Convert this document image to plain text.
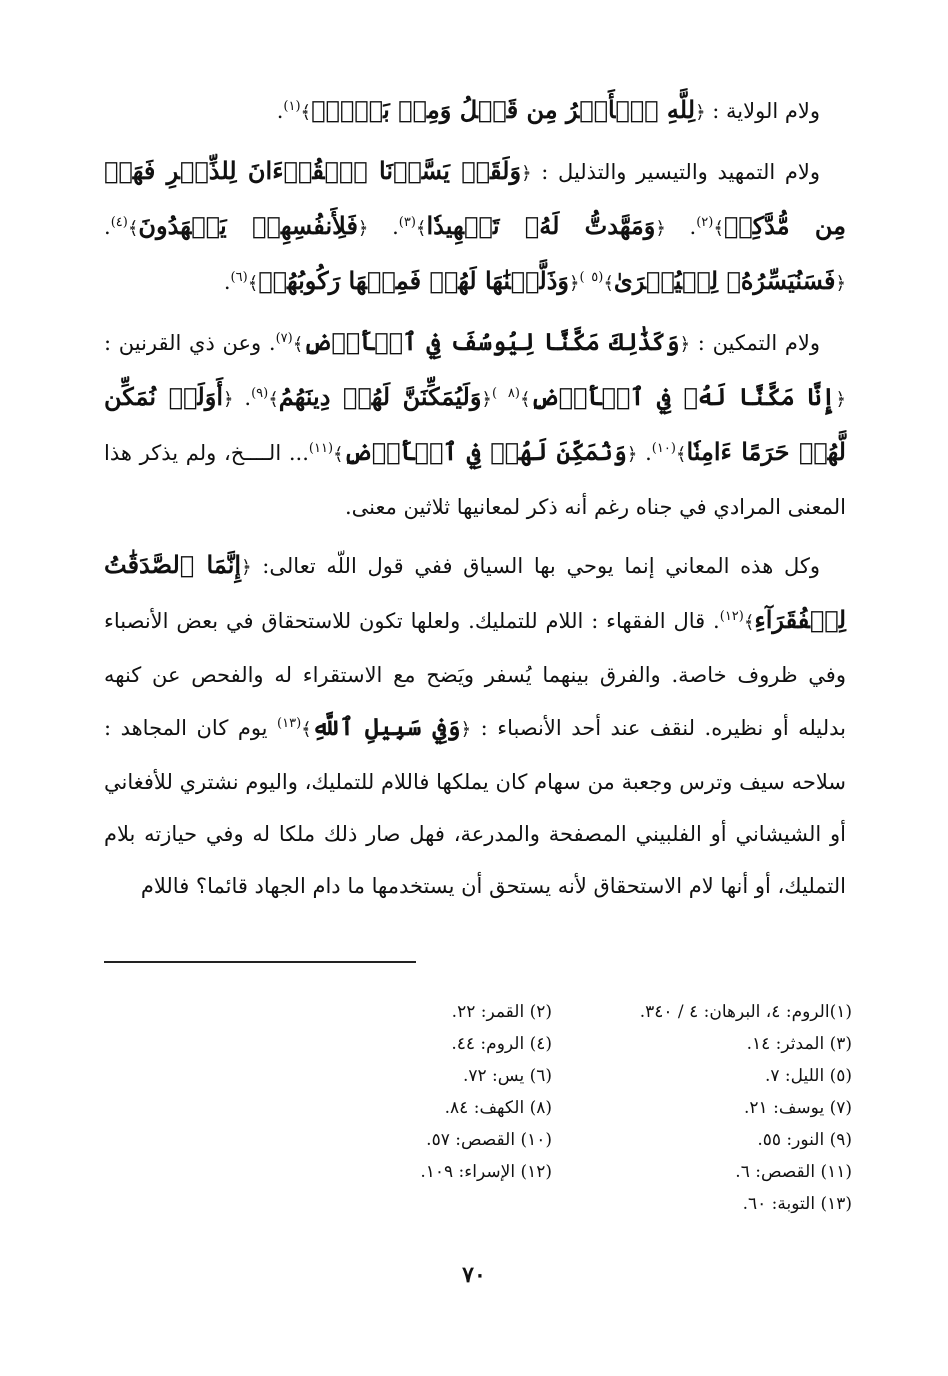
ولام الولاية : ﴿لِلَّهِ ٱلۡأَمۡرُ مِن قَبۡلُ وَمِنۢ بَعۡدُۚ﴾$^{(١)}$.

ولام التمهيد والتيسير والتذليل : ﴿وَلَقَدۡ يَسَّرۡنَا ٱلۡقُرۡءَانَ لِلذِّكۡرِ فَهَلۡ مِن مُّدَّكِرٖ﴾$^{(٢)}$. ﴿وَمَهَّدتُّ لَهُۥ تَمۡهِيدٗا﴾$^{(٣)}$. ﴿فَلِأَنفُسِهِمۡ يَمۡهَدُونَ﴾$^{(٤)}$. ﴿فَسَنُيَسِّرُهُۥ لِلۡيُسۡرَىٰ﴾$^{(٥}$ )﴿وَذَلَّلۡنَٰهَا لَهُمۡ فَمِنۡهَا رَكُوبُهُمۡ﴾$^{(٦)}$.

ولام التمكين : ﴿وَكَذَٰلِكَ مَكَّنَّا لِيُوسُفَ فِي ٱلۡأَرۡضِ﴾$^{(٧)}$. وعن ذي القرنين : ﴿إِنَّا مَكَّنَّا لَهُۥ فِي ٱلۡأَرۡضِ﴾$^{(٨}$ )﴿وَلَيُمَكِّنَنَّ لَهُمۡ دِينَهُمُ﴾$^{(٩)}$. ﴿أَوَلَمۡ نُمَكِّن لَّهُمۡ حَرَمًا ءَامِنٗا﴾$^{(١٠)}$. ﴿وَنُمَكِّنَ لَهُمۡ فِي ٱلۡأَرۡضِ﴾$^{(١١)}$... الــــخ، ولم يذكر هذا المعنى المرادي في جناه رغم أنه ذكر لمعانيها ثلاثين معنى.

وكل هذه المعاني إنما يوحي بها السياق ففي قول اللّه تعالى: ﴿إِنَّمَا ٱلصَّدَقَٰتُ لِلۡفُقَرَآءِ﴾$^{(١٢)}$. قال الفقهاء : اللام للتمليك. ولعلها تكون للاستحقاق في بعض الأنصباء وفي ظروف خاصة. والفرق بينهما يُسفر ويَضح مع الاستقراء له والفحص عن كنهه بدليله أو نظيره. لنقف عند أحد الأنصباء : ﴿وَفِي سَبِيلِ ٱللَّهِ﴾$^{(١٣)}$ يوم كان المجاهد : سلاحه سيف وترس وجعبة من سهام كان يملكها فاللام للتمليك، واليوم نشتري للأفغاني أو الشيشاني أو الفلبيني المصفحة والمدرعة، فهل صار ذلك ملكا له وفي حيازته بلام التمليك، أو أنها لام الاستحقاق لأنه يستحق أن يستخدمها ما دام الجهاد قائما؟ فاللام

(١)الروم: ٤، البرهان: ٤ / ٣٤٠.
(٣) المدثر: ١٤.
(٥) الليل: ٧.
(٧) يوسف: ٢١.
(٩) النور: ٥٥.
(١١) القصص: ٦.
(١٣) التوبة: ٦٠.
(٢) القمر: ٢٢.
(٤) الروم: ٤٤.
(٦) يس: ٧٢.
(٨) الكهف: ٨٤.
(١٠) القصص: ٥٧.
(١٢) الإسراء: ١٠٩.
٧٠
